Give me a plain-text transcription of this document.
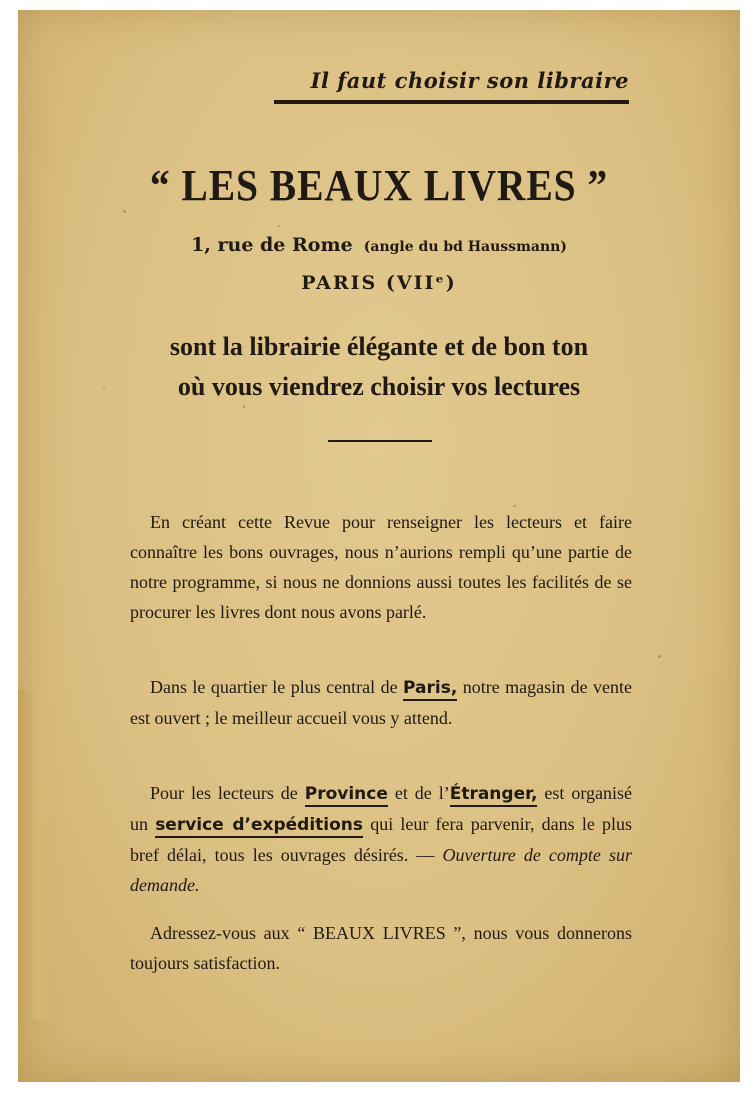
Il faut choisir son libraire
“ LES BEAUX LIVRES ”
1, rue de Rome (angle du bd Haussmann)
PARIS (VIIᵉ)
sont la librairie élégante et de bon ton
où vous viendrez choisir vos lectures
En créant cette Revue pour renseigner les lecteurs et faire connaître les bons ouvrages, nous n’aurions rempli qu’une partie de notre programme, si nous ne donnions aussi toutes les facilités de se procurer les livres dont nous avons parlé.
Dans le quartier le plus central de Paris, notre magasin de vente est ouvert ; le meilleur accueil vous y attend.
Pour les lecteurs de Province et de l’Étranger, est organisé un service d’expéditions qui leur fera parvenir, dans le plus bref délai, tous les ouvrages désirés. — Ouverture de compte sur demande.
Adressez-vous aux “ BEAUX LIVRES ”, nous vous donnerons toujours satisfaction.
